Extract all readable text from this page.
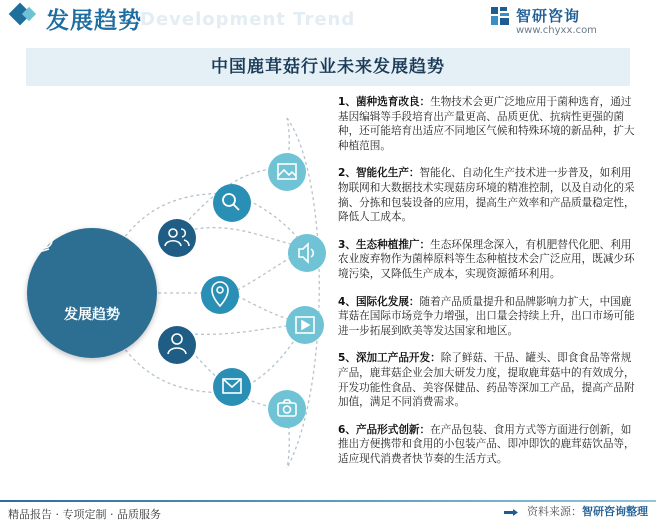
发展趋势
Development Trend	智研咨询
www.chyxx.com
中国鹿茸菇行业未来发展趋势
发展趋势
1、菌种选育改良：生物技术会更广泛地应用于菌种选育，通过基因编辑等手段培育出产量更高、品质更优、抗病性更强的菌种，还可能培育出适应不同地区气候和特殊环境的新品种，扩大种植范围。
2、智能化生产：智能化、自动化生产技术进一步普及，如利用物联网和大数据技术实现菇房环境的精准控制，以及自动化的采摘、分拣和包装设备的应用，提高生产效率和产品质量稳定性，降低人工成本。
3、生态种植推广：生态环保理念深入，有机肥替代化肥、利用农业废弃物作为菌棒原料等生态种植技术会广泛应用，既减少环境污染，又降低生产成本，实现资源循环利用。
4、国际化发展：随着产品质量提升和品牌影响力扩大，中国鹿茸菇在国际市场竞争力增强，出口量会持续上升，出口市场可能进一步拓展到欧美等发达国家和地区。
5、深加工产品开发：除了鲜菇、干品、罐头、即食食品等常规产品，鹿茸菇企业会加大研发力度，提取鹿茸菇中的有效成分，开发功能性食品、美容保健品、药品等深加工产品，提高产品附加值，满足不同消费需求。
6、产品形式创新：在产品包装、食用方式等方面进行创新，如推出方便携带和食用的小包装产品、即冲即饮的鹿茸菇饮品等，适应现代消费者快节奏的生活方式。
精品报告 · 专项定制 · 品质服务	资料来源：智研咨询整理
